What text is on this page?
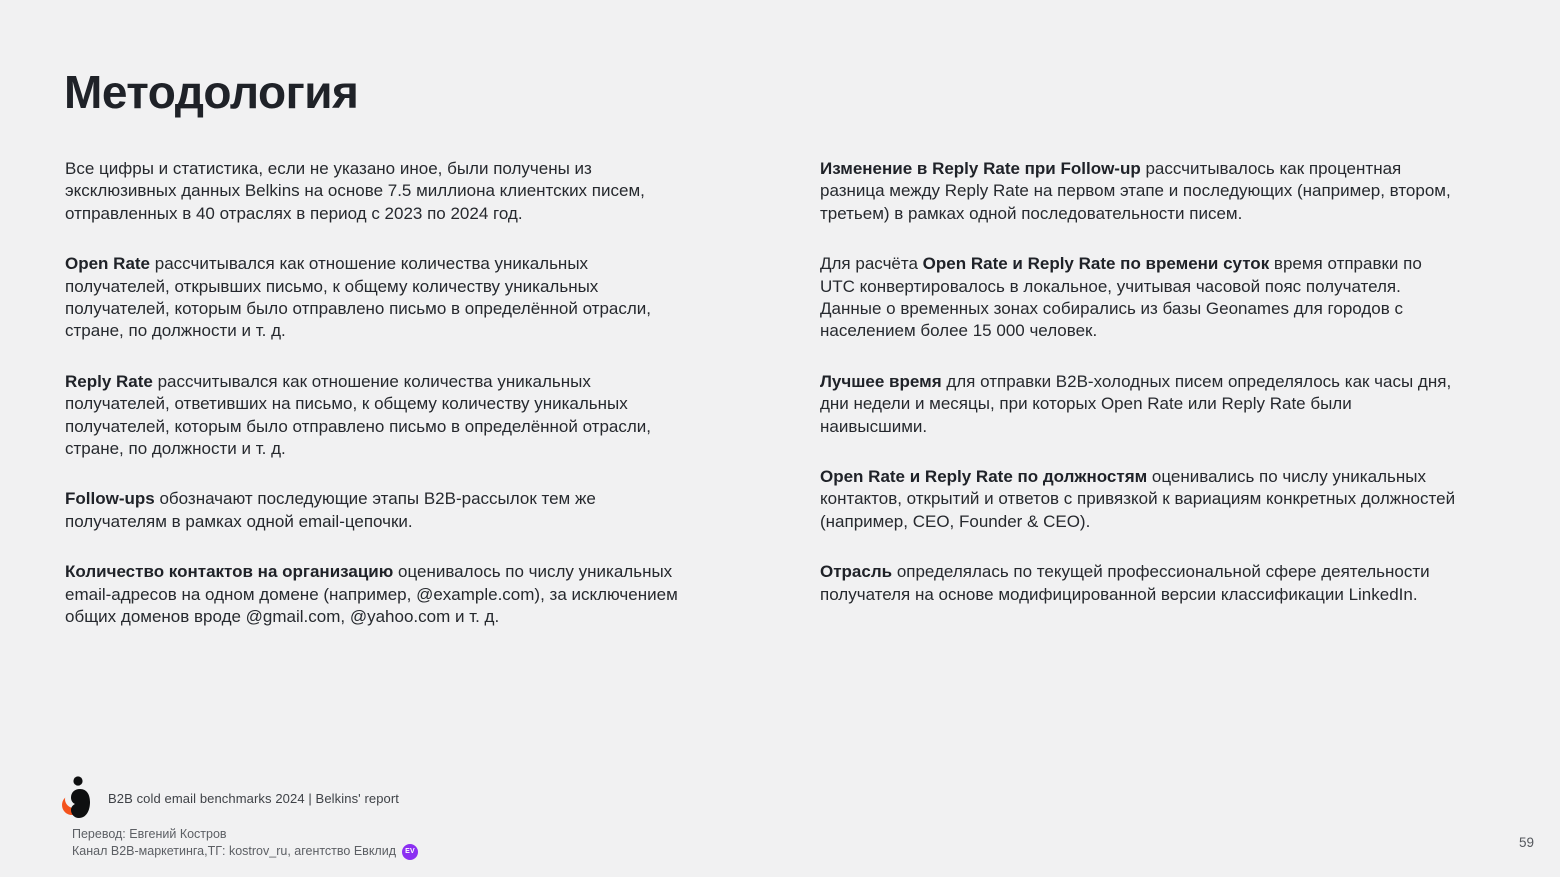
Методология

Все цифры и статистика, если не указано иное, были получены из эксклюзивных данных Belkins на основе 7.5 миллиона клиентских писем, отправленных в 40 отраслях в период с 2023 по 2024 год.

Open Rate рассчитывался как отношение количества уникальных получателей, открывших письмо, к общему количеству уникальных получателей, которым было отправлено письмо в определённой отрасли, стране, по должности и т. д.

Reply Rate рассчитывался как отношение количества уникальных получателей, ответивших на письмо, к общему количеству уникальных получателей, которым было отправлено письмо в определённой отрасли, стране, по должности и т. д.

Follow-ups обозначают последующие этапы B2B-рассылок тем же получателям в рамках одной email-цепочки.

Количество контактов на организацию оценивалось по числу уникальных email-адресов на одном домене (например, @example.com), за исключением общих доменов вроде @gmail.com, @yahoo.com и т. д.

Изменение в Reply Rate при Follow-up рассчитывалось как процентная разница между Reply Rate на первом этапе и последующих (например, втором, третьем) в рамках одной последовательности писем.

Для расчёта Open Rate и Reply Rate по времени суток время отправки по UTC конвертировалось в локальное, учитывая часовой пояс получателя. Данные о временных зонах собирались из базы Geonames для городов с населением более 15 000 человек.

Лучшее время для отправки B2B-холодных писем определялось как часы дня, дни недели и месяцы, при которых Open Rate или Reply Rate были наивысшими.

Open Rate и Reply Rate по должностям оценивались по числу уникальных контактов, открытий и ответов с привязкой к вариациям конкретных должностей (например, CEO, Founder & CEO).

Отрасль определялась по текущей профессиональной сфере деятельности получателя на основе модифицированной версии классификации LinkedIn.

B2B cold email benchmarks 2024 | Belkins' report
Перевод: Евгений Костров
Канал B2B-маркетинга,ТГ: kostrov_ru, агентство Евклид	EV
59
